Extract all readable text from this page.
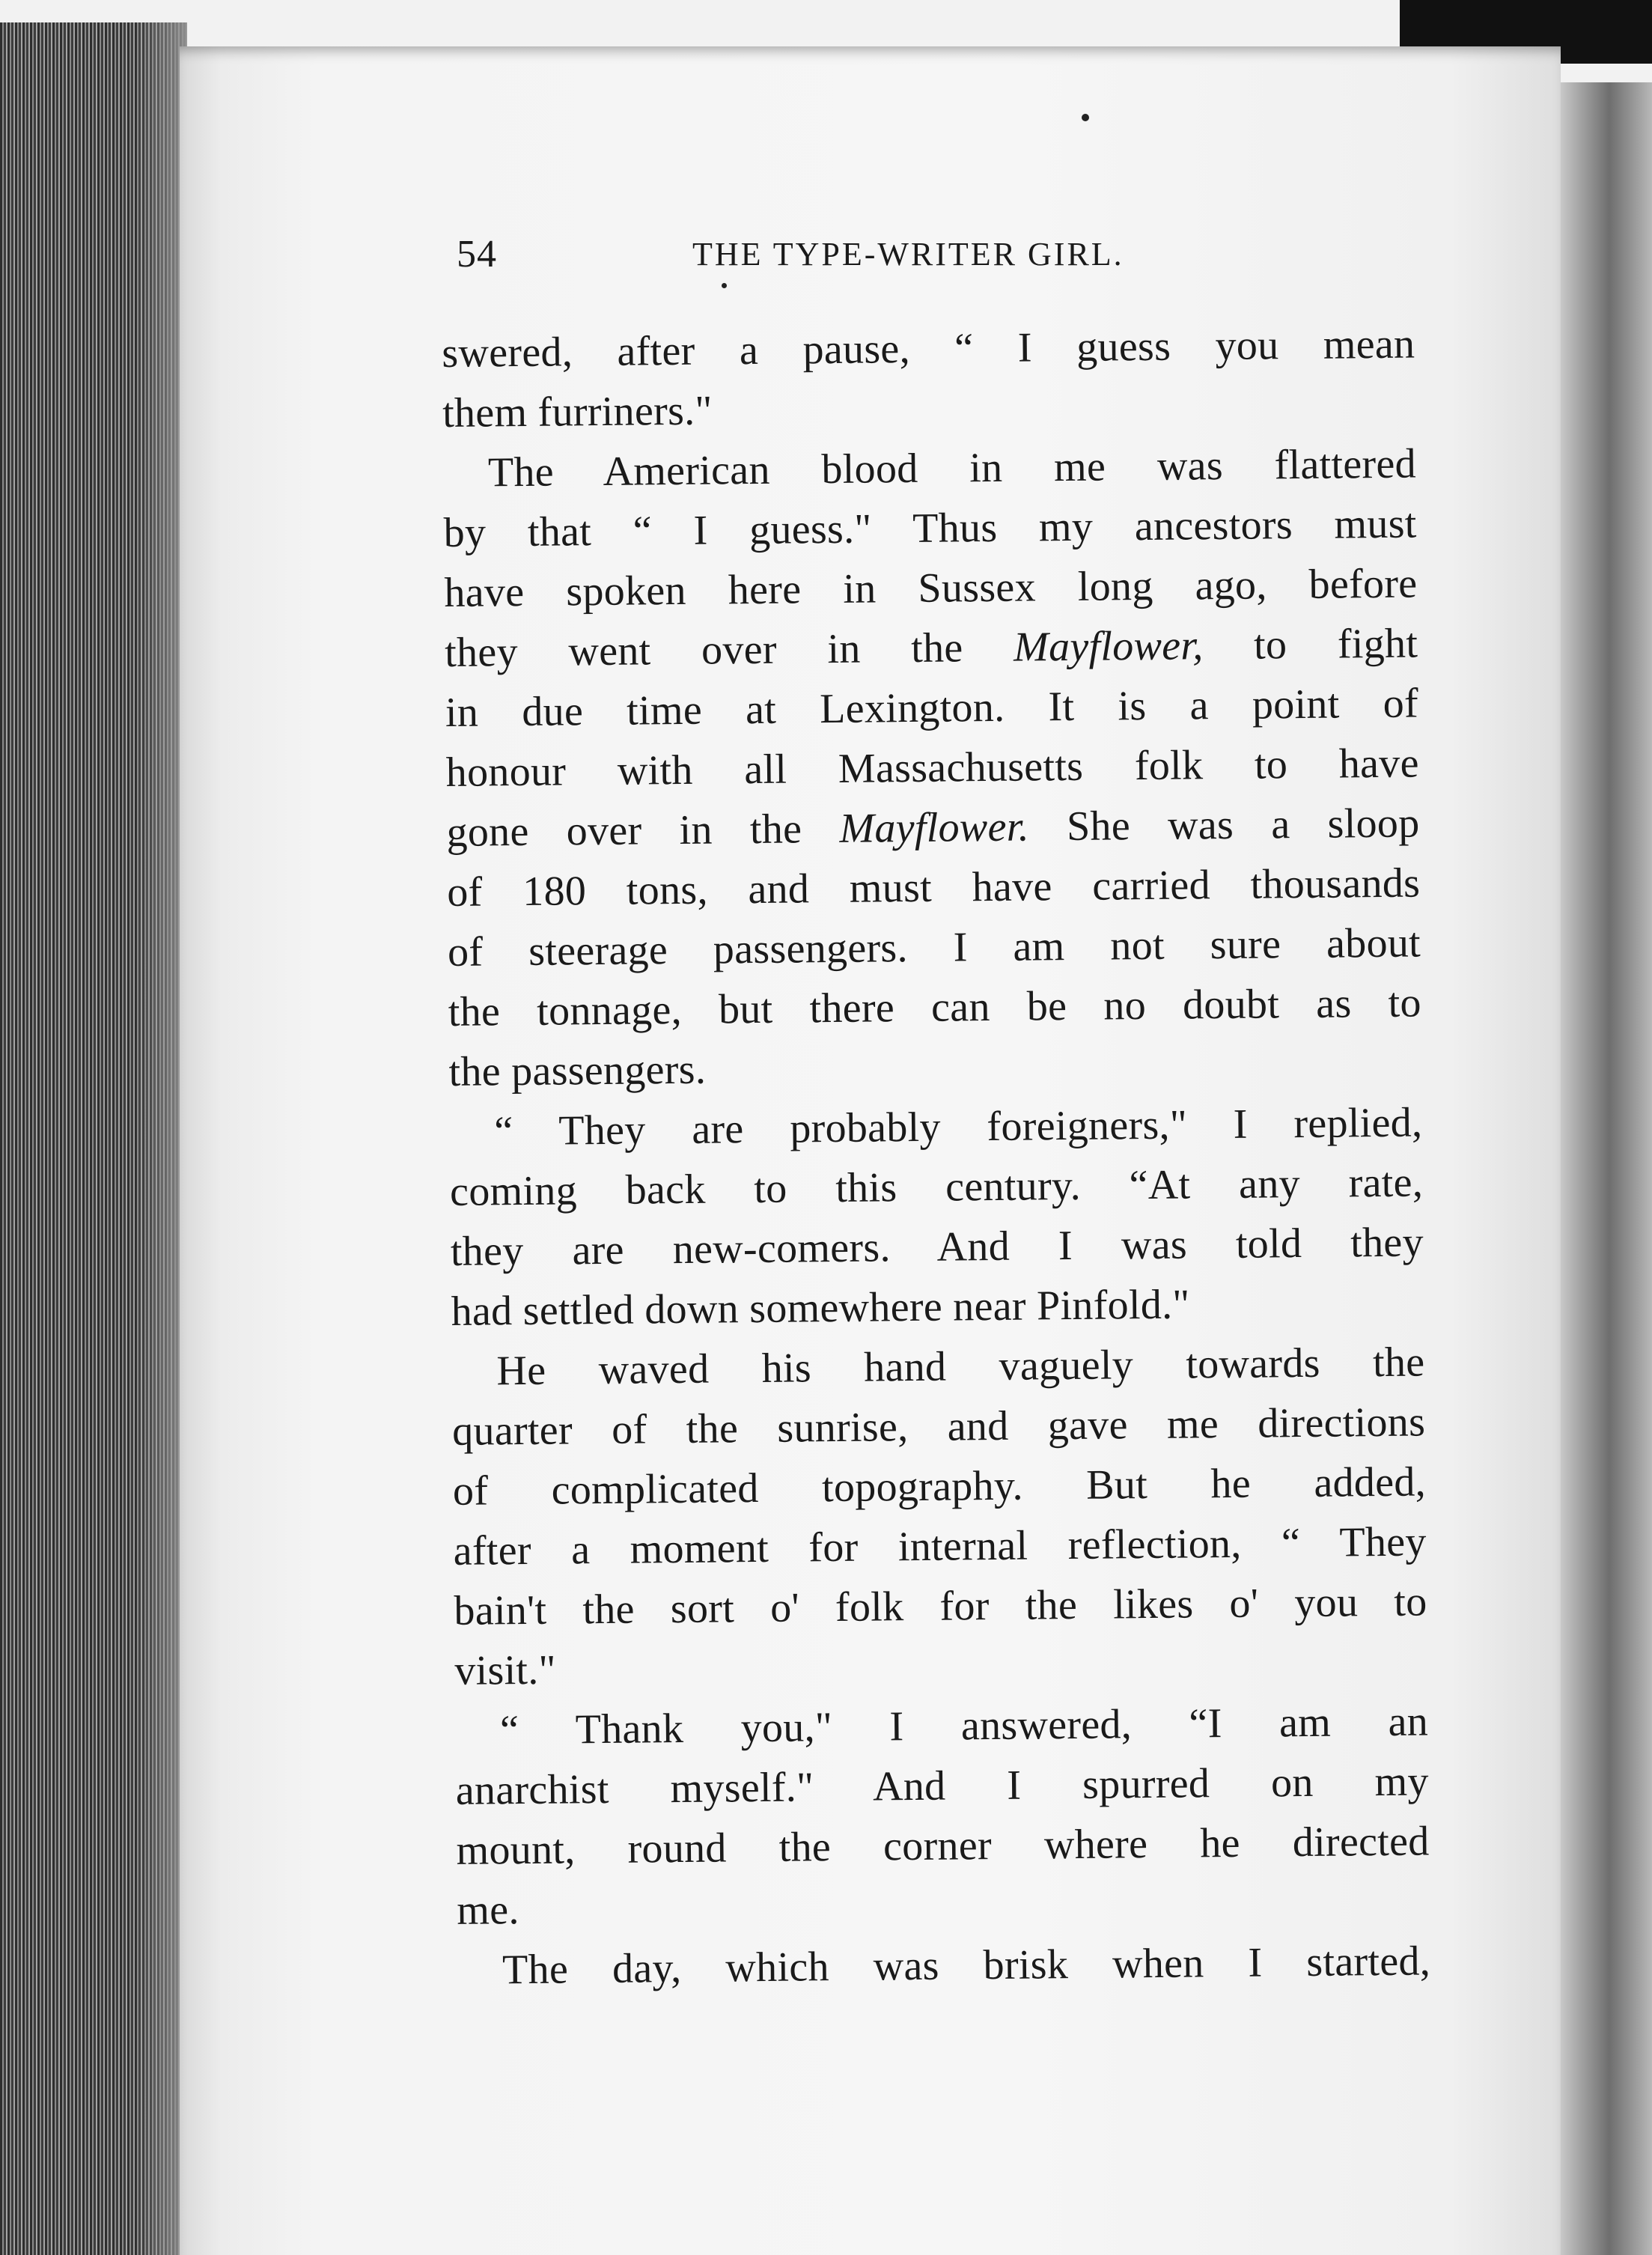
54	THE TYPE-WRITER GIRL.
swered, after a pause, “ I guess you mean
them furriners."
The American blood in me was flattered
by that “ I guess." Thus my ancestors must
have spoken here in Sussex long ago, before
they went over in the Mayflower, to fight
in due time at Lexington. It is a point of
honour with all Massachusetts folk to have
gone over in the Mayflower. She was a sloop
of 180 tons, and must have carried thousands
of steerage passengers. I am not sure about
the tonnage, but there can be no doubt as to
the passengers.
“ They are probably foreigners," I replied,
coming back to this century. “At any rate,
they are new-comers. And I was told they
had settled down somewhere near Pinfold."
He waved his hand vaguely towards the
quarter of the sunrise, and gave me directions
of complicated topography. But he added,
after a moment for internal reflection, “ They
bain't the sort o' folk for the likes o' you to
visit."
“ Thank you," I answered, “I am an
anarchist myself." And I spurred on my
mount, round the corner where he directed
me.
The day, which was brisk when I started,
